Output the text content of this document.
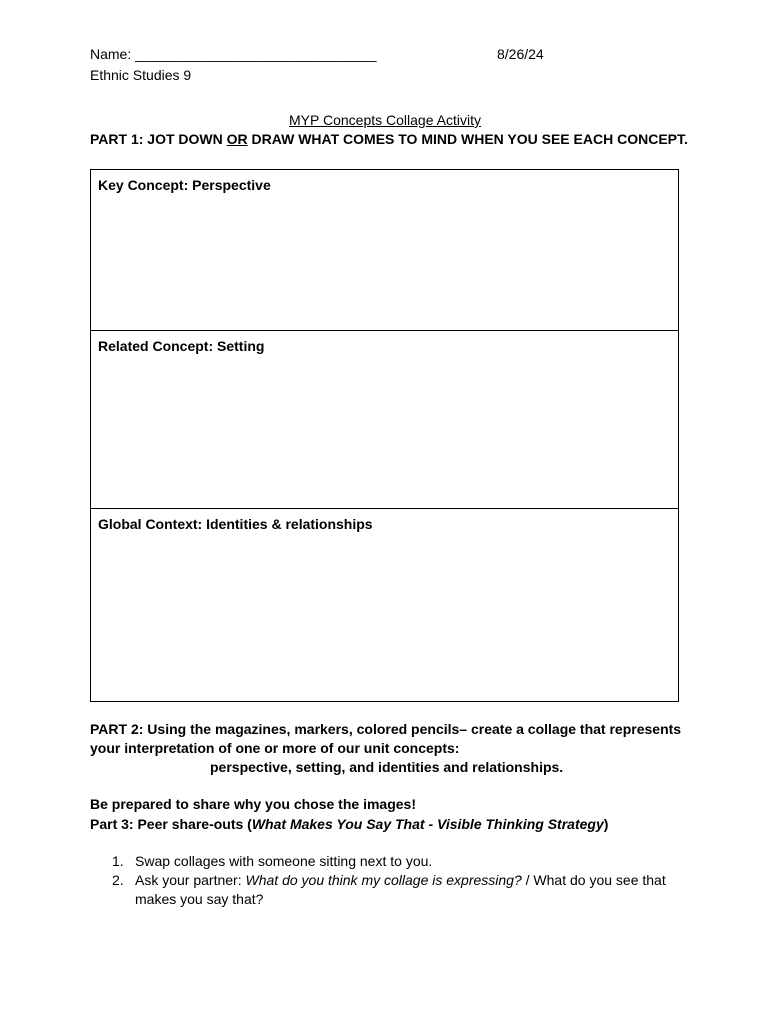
Name: _______________________________	8/26/24
Ethnic Studies 9
MYP Concepts Collage Activity
PART 1: JOT DOWN OR DRAW WHAT COMES TO MIND WHEN YOU SEE EACH CONCEPT.
Key Concept: Perspective
Related Concept: Setting
Global Context: Identities & relationships
PART 2: Using the magazines, markers, colored pencils– create a collage that represents your interpretation of one or more of our unit concepts:
perspective, setting, and identities and relationships.
Be prepared to share why you chose the images!
Part 3: Peer share-outs (What Makes You Say That - Visible Thinking Strategy)
1. Swap collages with someone sitting next to you.
2. Ask your partner: What do you think my collage is expressing? / What do you see that makes you say that?
